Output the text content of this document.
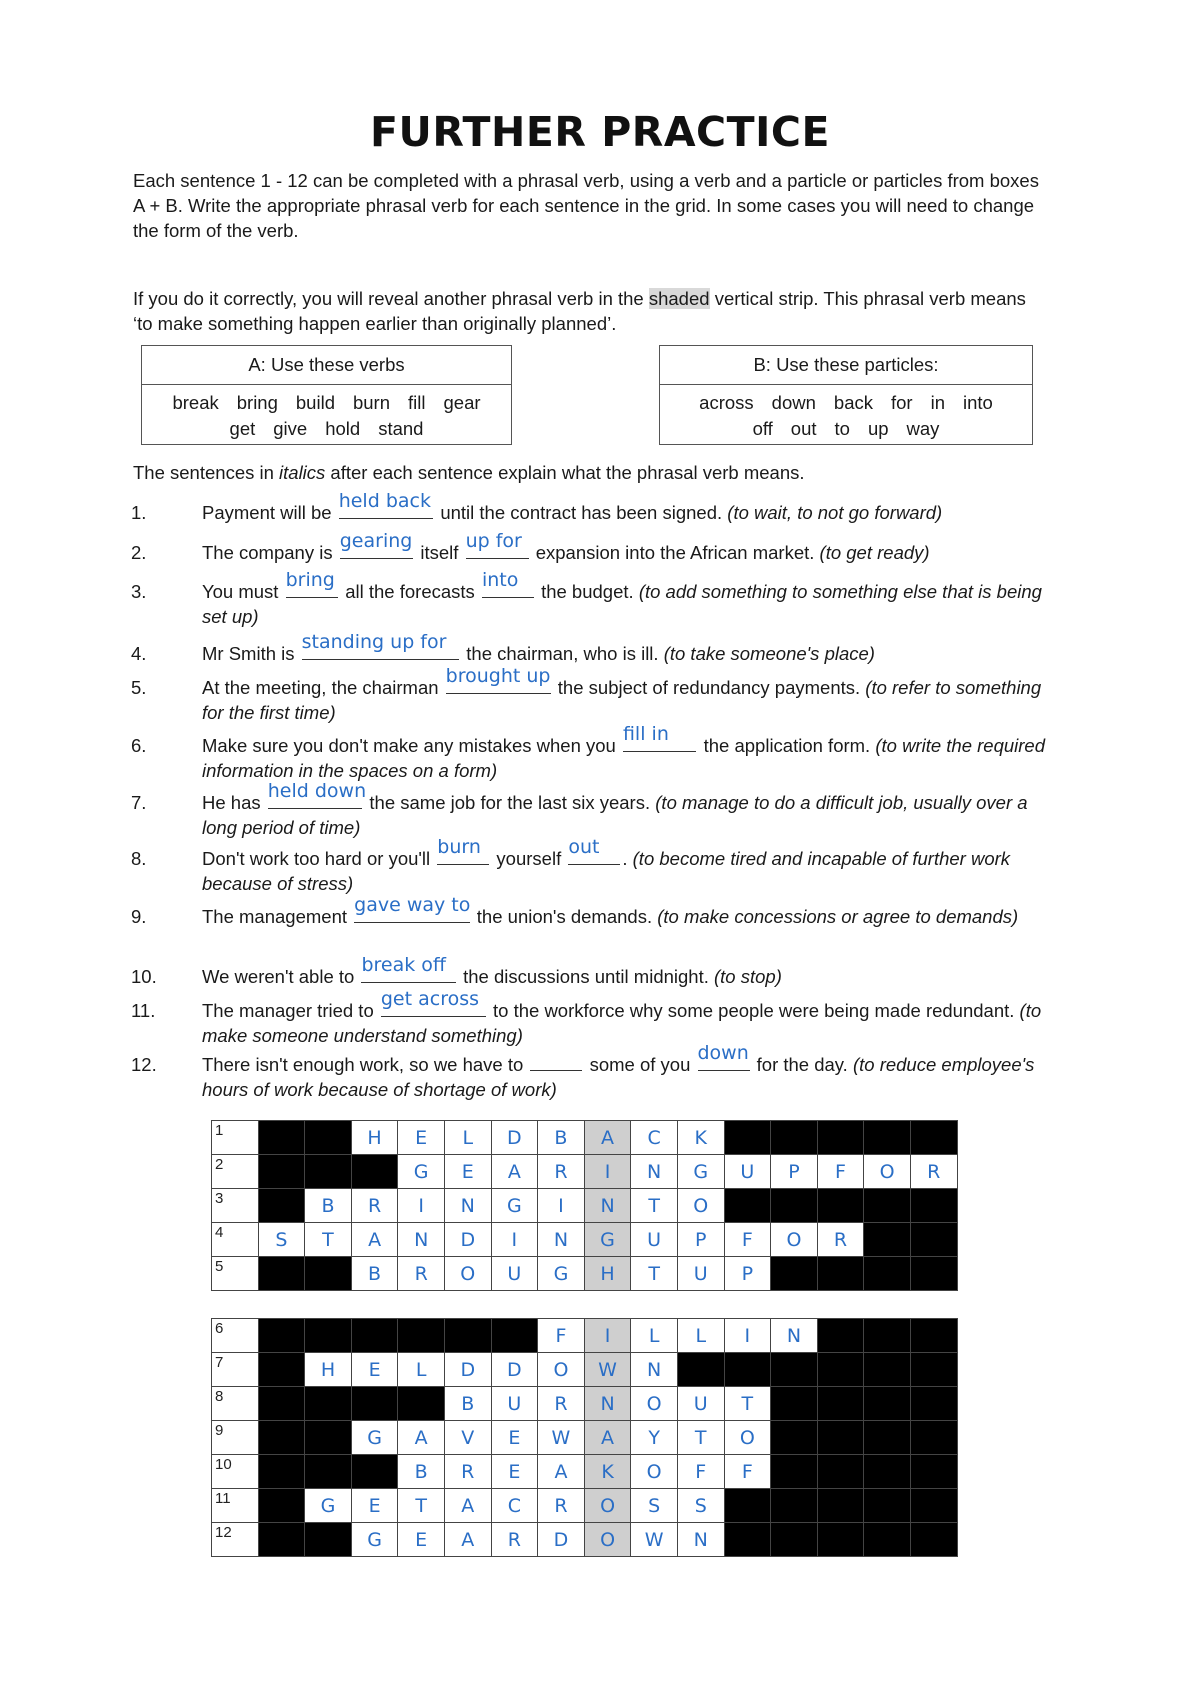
FURTHER PRACTICE
Each sentence 1 - 12 can be completed with a phrasal verb, using a verb and a particle or particles from boxes A + B. Write the appropriate phrasal verb for each sentence in the grid. In some cases you will need to change the form of the verb.
If you do it correctly, you will reveal another phrasal verb in the shaded vertical strip. This phrasal verb means ‘to make something happen earlier than originally planned’.
A: Use these verbs
break bring build burn fill gear
get give hold stand
B: Use these particles:
across down back for in into
off out to up way
The sentences in italics after each sentence explain what the phrasal verb means.
1.	Payment will be
held back
until the contract has been signed. (to wait, to not go forward)
2.	The company is
gearing
itself
up for
expansion into the African market. (to get ready)
3.	You must
bring
all the forecasts
into
the budget. (to add something to something else that is being set up)
4.	Mr Smith is
standing up for
the chairman, who is ill. (to take someone's place)
5.	At the meeting, the chairman
brought up
the subject of redundancy payments. (to refer to something for the first time)
6.	Make sure you don't make any mistakes when you
fill in
the application form. (to write the required information in the spaces on a form)
7.	He has
held down
the same job for the last six years. (to manage to do a difficult job, usually over a long period of time)
8.	Don't work too hard or you'll
burn
yourself
out
. (to become tired and incapable of further work because of stress)
9.	The management
gave way to
the union's demands. (to make concessions or agree to demands)
10. We weren't able to
break off
the discussions until midnight. (to stop)
11.	The manager tried to
get across
to the workforce why some people were being made redundant. (to make someone understand something)
12. There isn't enough work, so we have to	some of you
down
for the day. (to reduce employee's hours of work because of shortage of work)
1			H	E	L	D	B	A	C	K					

2				G	E	A	R	I	N	G	U	P	F	O	R

3		B	R	I	N	G	I	N	T	O					

4	S	T	A	N	D	I	N	G	U	P	F	O	R		

5			B	R	O	U	G	H	T	U	P				
6							F	I	L	L	I	N			

7		H	E	L	D	D	O	W	N						

8					B	U	R	N	O	U	T				

9			G	A	V	E	W	A	Y	T	O				

10				B	R	E	A	K	O	F	F				

11		G	E	T	A	C	R	O	S	S					

12			G	E	A	R	D	O	W	N					
